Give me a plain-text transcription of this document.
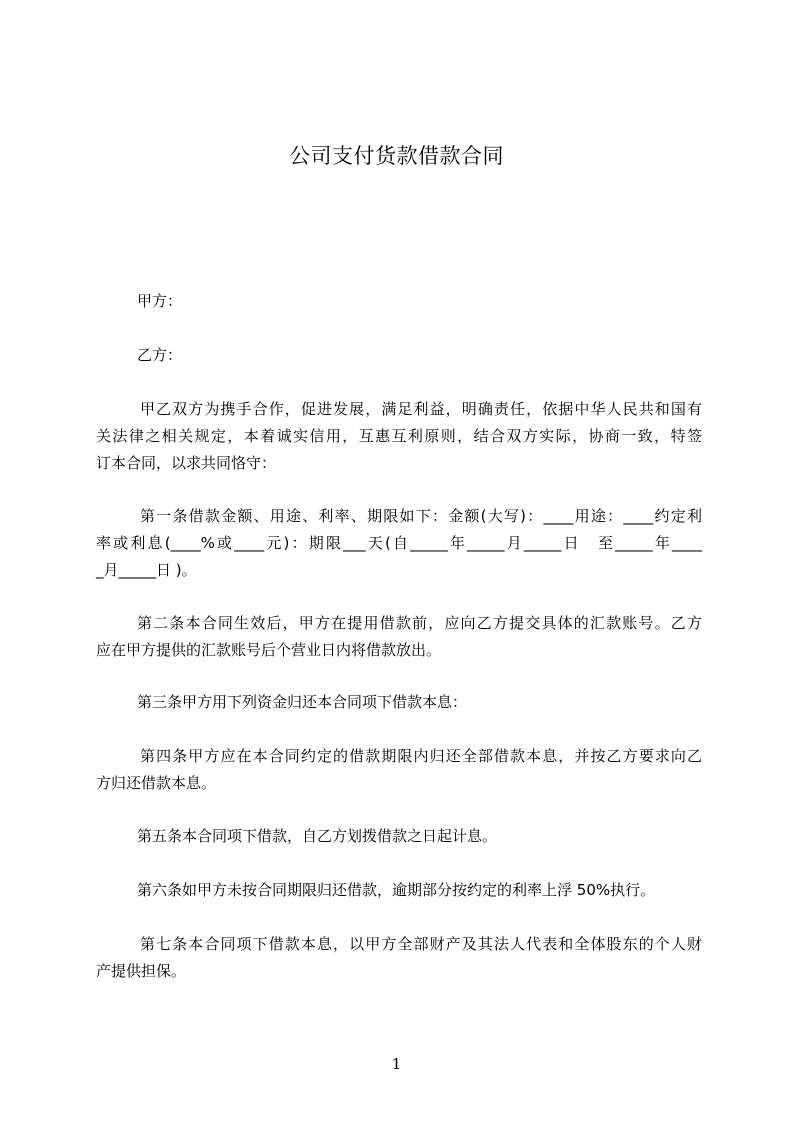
公司支付货款借款合同

甲方：

乙方：

甲乙双方为携手合作，促进发展，满足利益，明确责任，依据中华人民共和国有

关法律之相关规定，本着诚实信用，互惠互利原则，结合双方实际，协商一致，特签

订本合同，以求共同恪守：

第一条借款金额、用途、利率、期限如下：金额(大写)：____用途：____约定利

率或利息(____%或____元)：期限___天(自_____年_____月_____日　至_____年____

_月_____日 )。

第二条本合同生效后，甲方在提用借款前，应向乙方提交具体的汇款账号。乙方

应在甲方提供的汇款账号后个营业日内将借款放出。

第三条甲方用下列资金归还本合同项下借款本息：

第四条甲方应在本合同约定的借款期限内归还全部借款本息，并按乙方要求向乙

方归还借款本息。

第五条本合同项下借款，自乙方划拨借款之日起计息。

第六条如甲方未按合同期限归还借款，逾期部分按约定的利率上浮 50%执行。

第七条本合同项下借款本息，以甲方全部财产及其法人代表和全体股东的个人财

产提供担保。

1
